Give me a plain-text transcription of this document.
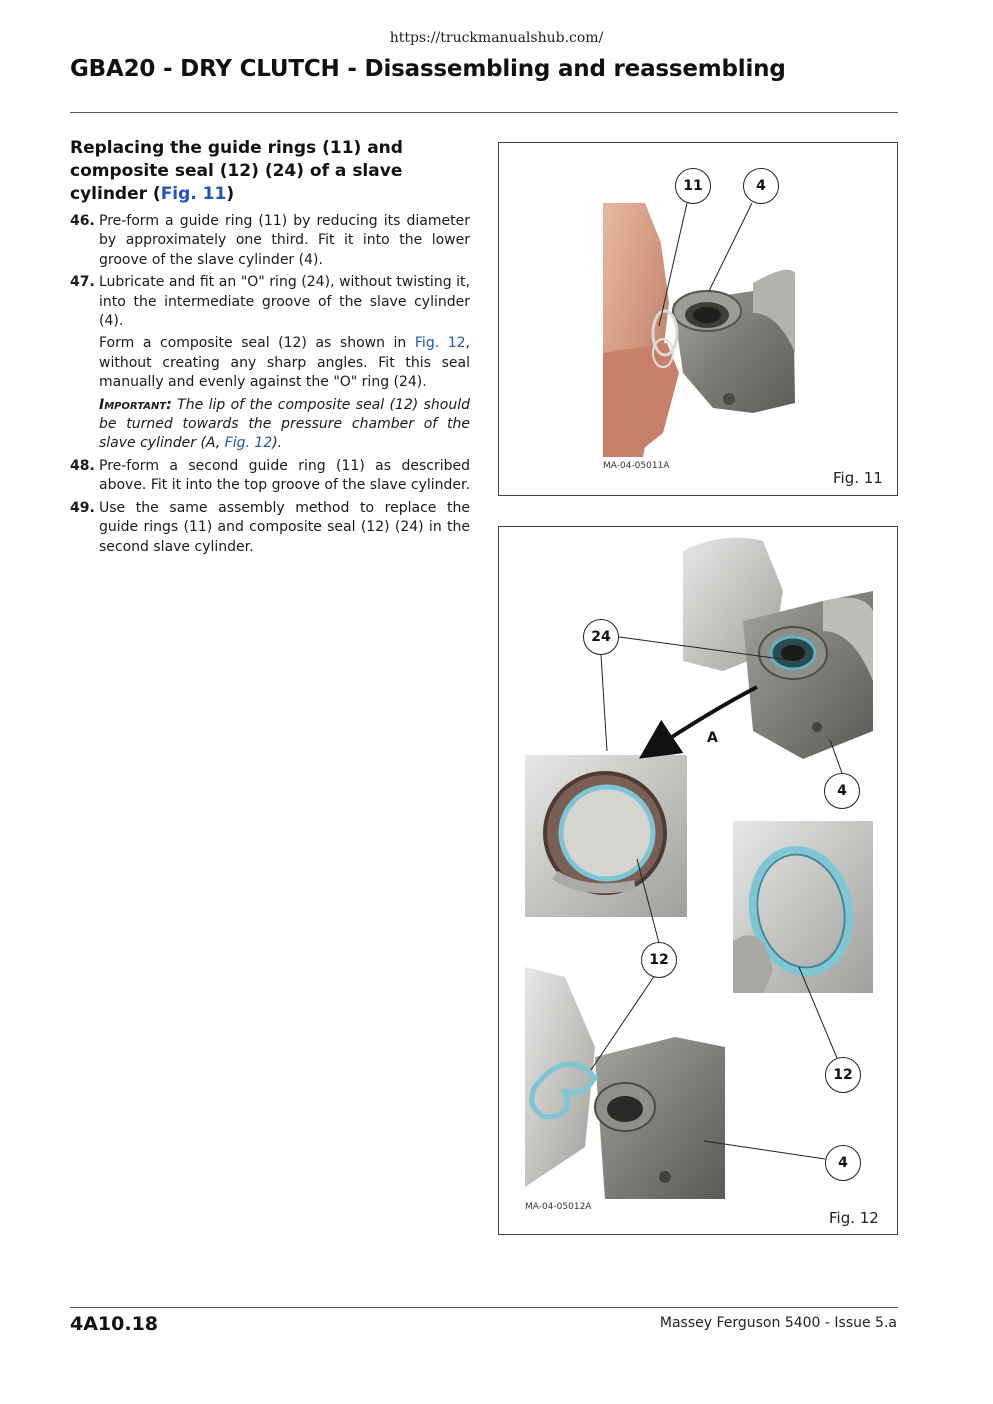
https://truckmanualshub.com/
GBA20 - DRY CLUTCH - Disassembling and reassembling
Replacing the guide rings (11) and composite seal (12) (24) of a slave cylinder (Fig. 11)
46. Pre-form a guide ring (11) by reducing its diameter by approximately one third. Fit it into the lower groove of the slave cylinder (4).
47. Lubricate and fit an "O" ring (24), without twisting it, into the intermediate groove of the slave cylinder (4).
Form a composite seal (12) as shown in Fig. 12, without creating any sharp angles. Fit this seal manually and evenly against the "O" ring (24).
Important: The lip of the composite seal (12) should be turned towards the pressure chamber of the slave cylinder (A, Fig. 12).
48. Pre-form a second guide ring (11) as described above. Fit it into the top groove of the slave cylinder.
49. Use the same assembly method to replace the guide rings (11) and composite seal (12) (24) in the second slave cylinder.
11	4
MA-04-05011A
Fig. 11
24
A
4
12
12
4
MA-04-05012A
Fig. 12
4A10.18	Massey Ferguson 5400 - Issue 5.a
